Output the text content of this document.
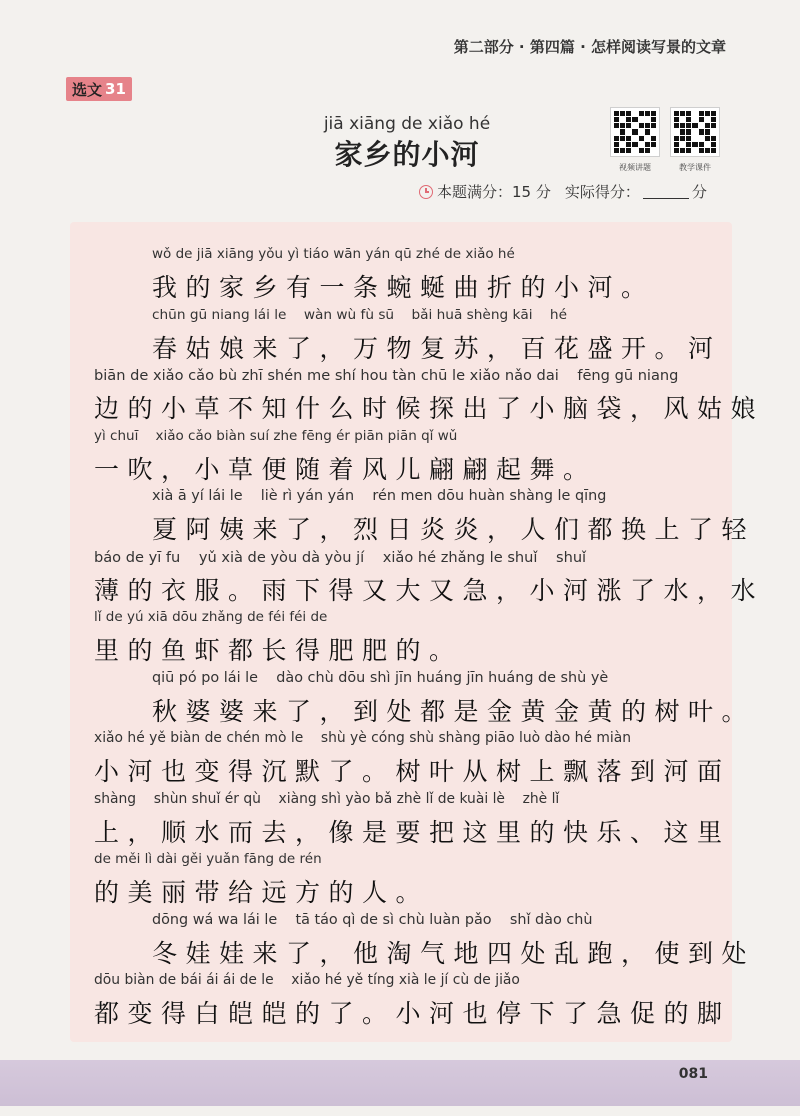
第二部分 · 第四篇 · 怎样阅读写景的文章
选文 31
jiā xiāng de xiǎo hé
家乡的小河	视频讲题	教学课件
本题满分：15 分 实际得分：	分
wǒ de jiā xiāng yǒu yì tiáo wān yán qū zhé de xiǎo hé
我的家乡有一条蜿蜒曲折的小河。
chūn gū niang lái le    wàn wù fù sū    bǎi huā shèng kāi    hé
春姑娘来了，万物复苏，百花盛开。河
biān de xiǎo cǎo bù zhī shén me shí hou tàn chū le xiǎo nǎo dai    fēng gū niang
边的小草不知什么时候探出了小脑袋，风姑娘
yì chuī    xiǎo cǎo biàn suí zhe fēng ér piān piān qǐ wǔ
一吹，小草便随着风儿翩翩起舞。
xià ā yí lái le    liè rì yán yán    rén men dōu huàn shàng le qīng
夏阿姨来了，烈日炎炎，人们都换上了轻
báo de yī fu    yǔ xià de yòu dà yòu jí    xiǎo hé zhǎng le shuǐ    shuǐ
薄的衣服。雨下得又大又急，小河涨了水，水
lǐ de yú xiā dōu zhǎng de féi féi de
里的鱼虾都长得肥肥的。
qiū pó po lái le    dào chù dōu shì jīn huáng jīn huáng de shù yè
秋婆婆来了，到处都是金黄金黄的树叶。
xiǎo hé yě biàn de chén mò le    shù yè cóng shù shàng piāo luò dào hé miàn
小河也变得沉默了。树叶从树上飘落到河面
shàng    shùn shuǐ ér qù    xiàng shì yào bǎ zhè lǐ de kuài lè    zhè lǐ
上，顺水而去，像是要把这里的快乐、这里
de měi lì dài gěi yuǎn fāng de rén
的美丽带给远方的人。
dōng wá wa lái le    tā táo qì de sì chù luàn pǎo    shǐ dào chù
冬娃娃来了，他淘气地四处乱跑，使到处
dōu biàn de bái ái ái de le    xiǎo hé yě tíng xià le jí cù de jiǎo
都变得白皑皑的了。小河也停下了急促的脚
081
